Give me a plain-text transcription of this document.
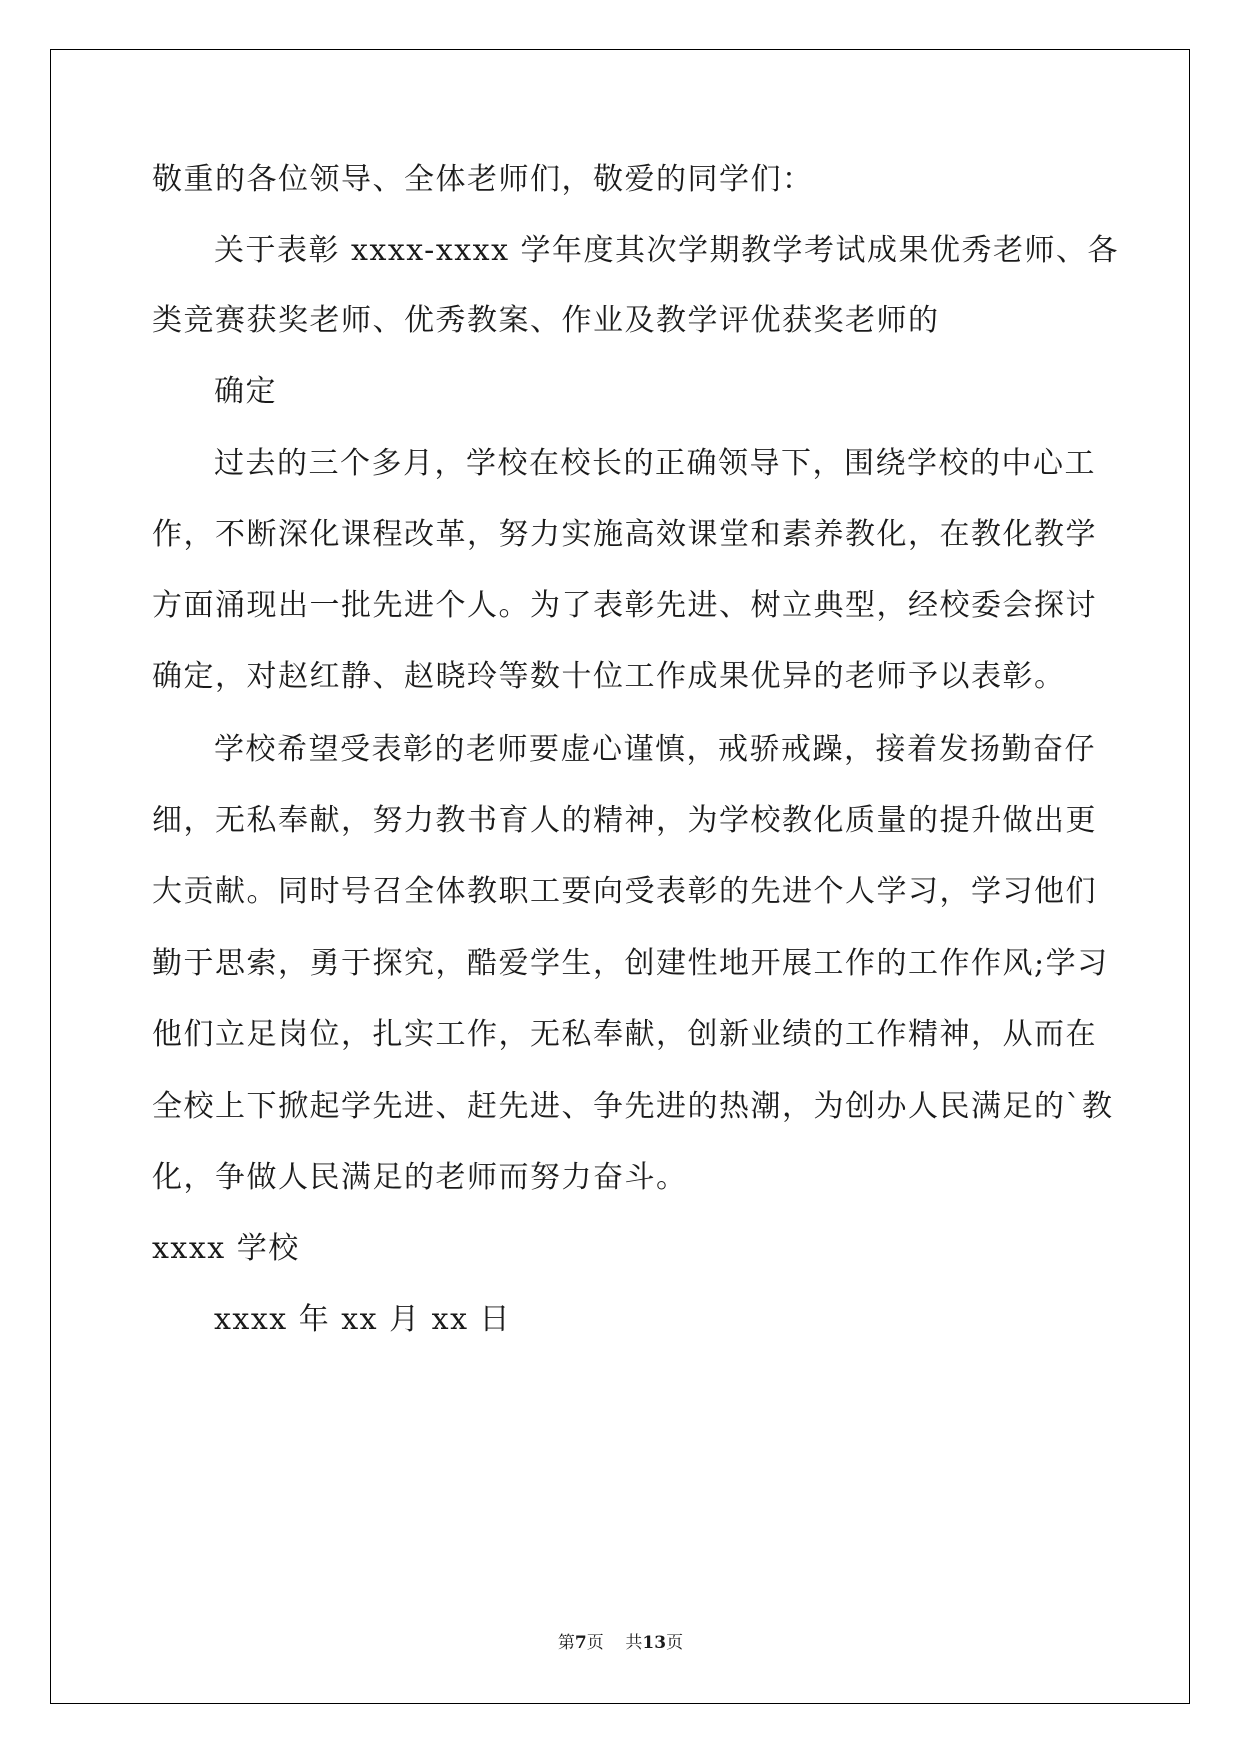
敬重的各位领导、全体老师们，敬爱的同学们：
关于表彰 xxxx-xxxx 学年度其次学期教学考试成果优秀老师、各
类竞赛获奖老师、优秀教案、作业及教学评优获奖老师的
确定
过去的三个多月，学校在校长的正确领导下，围绕学校的中心工
作，不断深化课程改革，努力实施高效课堂和素养教化，在教化教学
方面涌现出一批先进个人。为了表彰先进、树立典型，经校委会探讨
确定，对赵红静、赵晓玲等数十位工作成果优异的老师予以表彰。
学校希望受表彰的老师要虚心谨慎，戒骄戒躁，接着发扬勤奋仔
细，无私奉献，努力教书育人的精神，为学校教化质量的提升做出更
大贡献。同时号召全体教职工要向受表彰的先进个人学习，学习他们
勤于思索，勇于探究，酷爱学生，创建性地开展工作的工作作风;学习
他们立足岗位，扎实工作，无私奉献，创新业绩的工作精神，从而在
全校上下掀起学先进、赶先进、争先进的热潮，为创办人民满足的`教
化，争做人民满足的老师而努力奋斗。
xxxx 学校
xxxx 年 xx 月 xx 日
第7页 共13页
